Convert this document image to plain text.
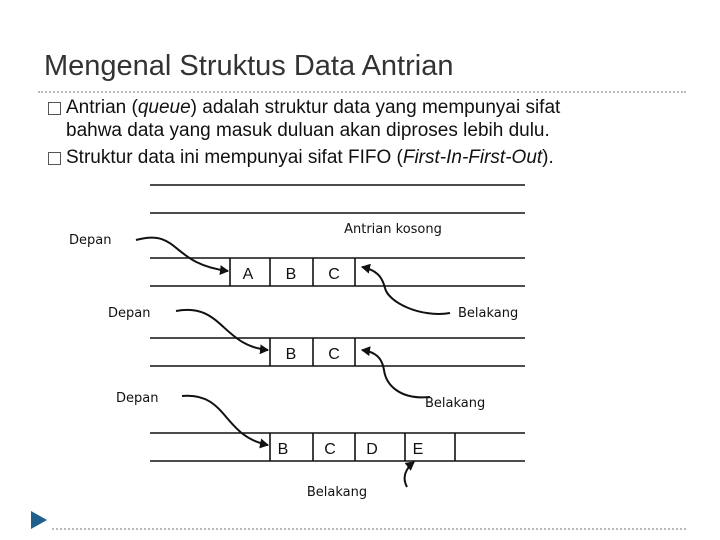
Mengenal Struktus Data Antrian
Antrian (queue) adalah struktur data yang mempunyai sifat
bahwa data yang masuk duluan akan diproses lebih dulu.
Struktur data ini mempunyai sifat FIFO (First-In-First-Out).
Antrian kosong
Depan
A B C
Depan	Belakang
B C
Depan	Belakang
B C D E
Belakang
